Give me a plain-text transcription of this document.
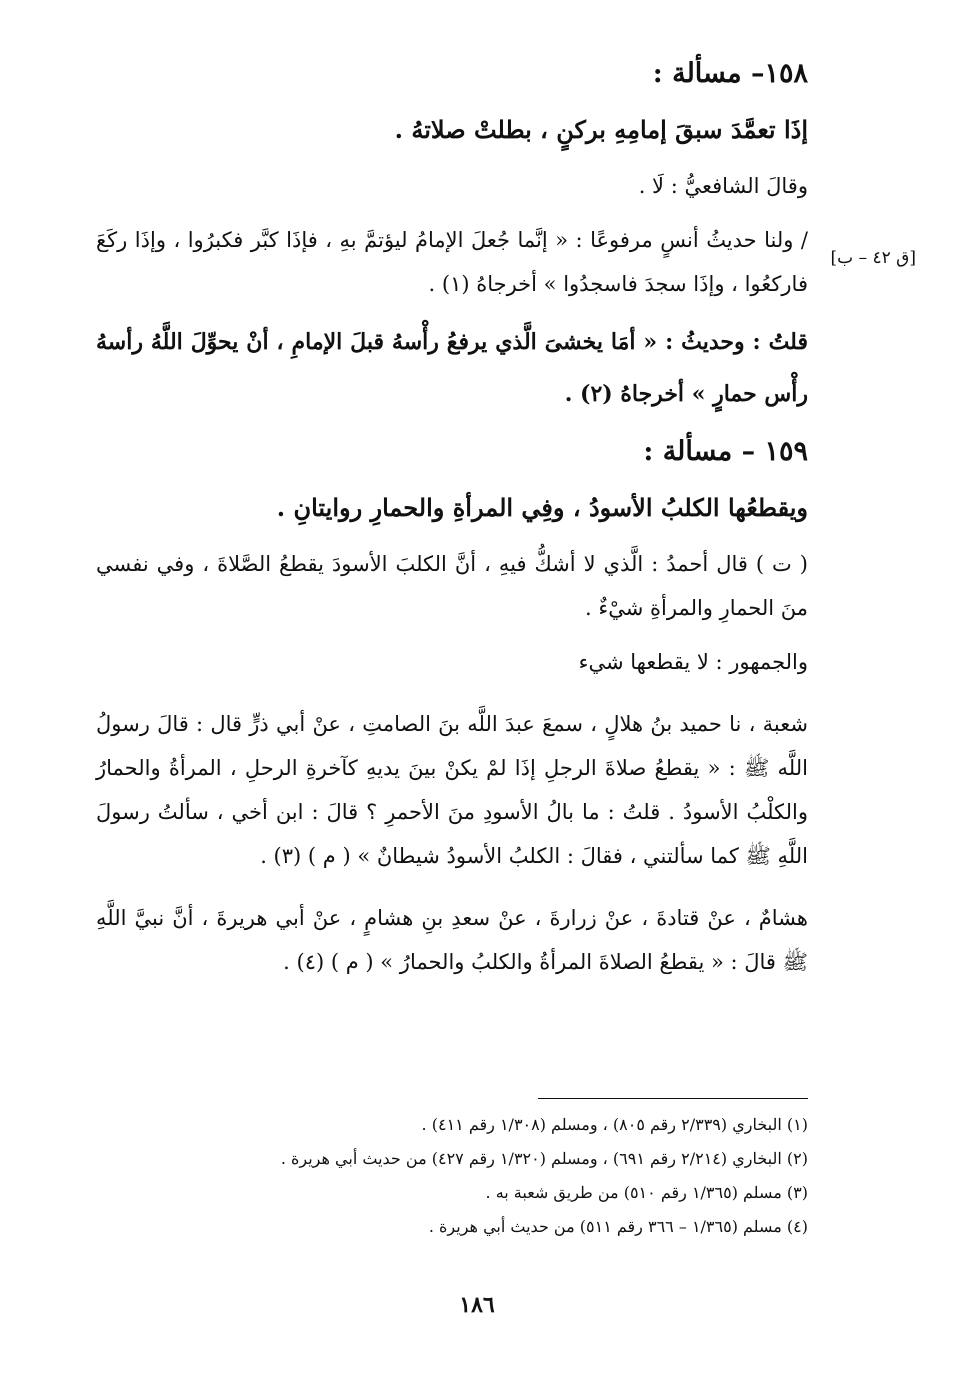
[ق ٤٢ – ب]
١٥٨– مسألة :
إذَا تعمَّدَ سبقَ إمامِهِ بركنٍ ، بطلتْ صلاتهُ .

وقالَ الشافعيُّ : لَا .

/ ولنا حديثُ أنسٍ مرفوعًا : « إنَّما جُعلَ الإمامُ ليؤتمَّ بهِ ، فإذَا كبَّر فكبرُوا ، وإذَا ركَعَ فاركعُوا ، وإذَا سجدَ فاسجدُوا » أخرجاهُ (١) .

قلتُ : وحديثُ : « أمَا يخشىَ الَّذي يرفعُ رأْسهُ قبلَ الإمامِ ، أنْ يحوِّلَ اللَّهُ رأسهُ رأْس حمارٍ » أخرجاهُ (٢) .

١٥٩ – مسألة :
ويقطعُها الكلبُ الأسودُ ، وفِي المرأةِ والحمارِ روايتانِ .

( ت ) قال أحمدُ : الَّذي لا أشكُّ فيهِ ، أنَّ الكلبَ الأسودَ يقطعُ الصَّلاةَ ، وفي نفسي منَ الحمارِ والمرأةِ شيْءٌ .

والجمهور : لا يقطعها شيء

شعبة ، نا حميد بنُ هلالٍ ، سمعَ عبدَ اللَّه بنَ الصامتِ ، عنْ أبي ذرٍّ قال : قالَ رسولُ اللَّه ﷺ : « يقطعُ صلاةَ الرجلِ إذَا لمْ يكنْ بينَ يديهِ كآخرةِ الرحلِ ، المرأةُ والحمارُ والكلْبُ الأسودُ . قلتُ : ما بالُ الأسودِ منَ الأحمرِ ؟ قالَ : ابن أخي ، سألتُ رسولَ اللَّهِ ﷺ كما سألتني ، فقالَ : الكلبُ الأسودُ شيطانٌ » ( م ) (٣) .

هشامٌ ، عنْ قتادةَ ، عنْ زرارةَ ، عنْ سعدِ بنِ هشامٍ ، عنْ أبي هريرةَ ، أنَّ نبيَّ اللَّهِ ﷺ قالَ : « يقطعُ الصلاةَ المرأةُ والكلبُ والحمارُ » ( م ) (٤) .

(١) البخاري (٢/٣٣٩ رقم ٨٠٥) ، ومسلم (١/٣٠٨ رقم ٤١١) .

(٢) البخاري (٢/٢١٤ رقم ٦٩١) ، ومسلم (١/٣٢٠ رقم ٤٢٧) من حديث أبي هريرة .

(٣) مسلم (١/٣٦٥ رقم ٥١٠) من طريق شعبة به .

(٤) مسلم (١/٣٦٥ – ٣٦٦ رقم ٥١١) من حديث أبي هريرة .

١٨٦
